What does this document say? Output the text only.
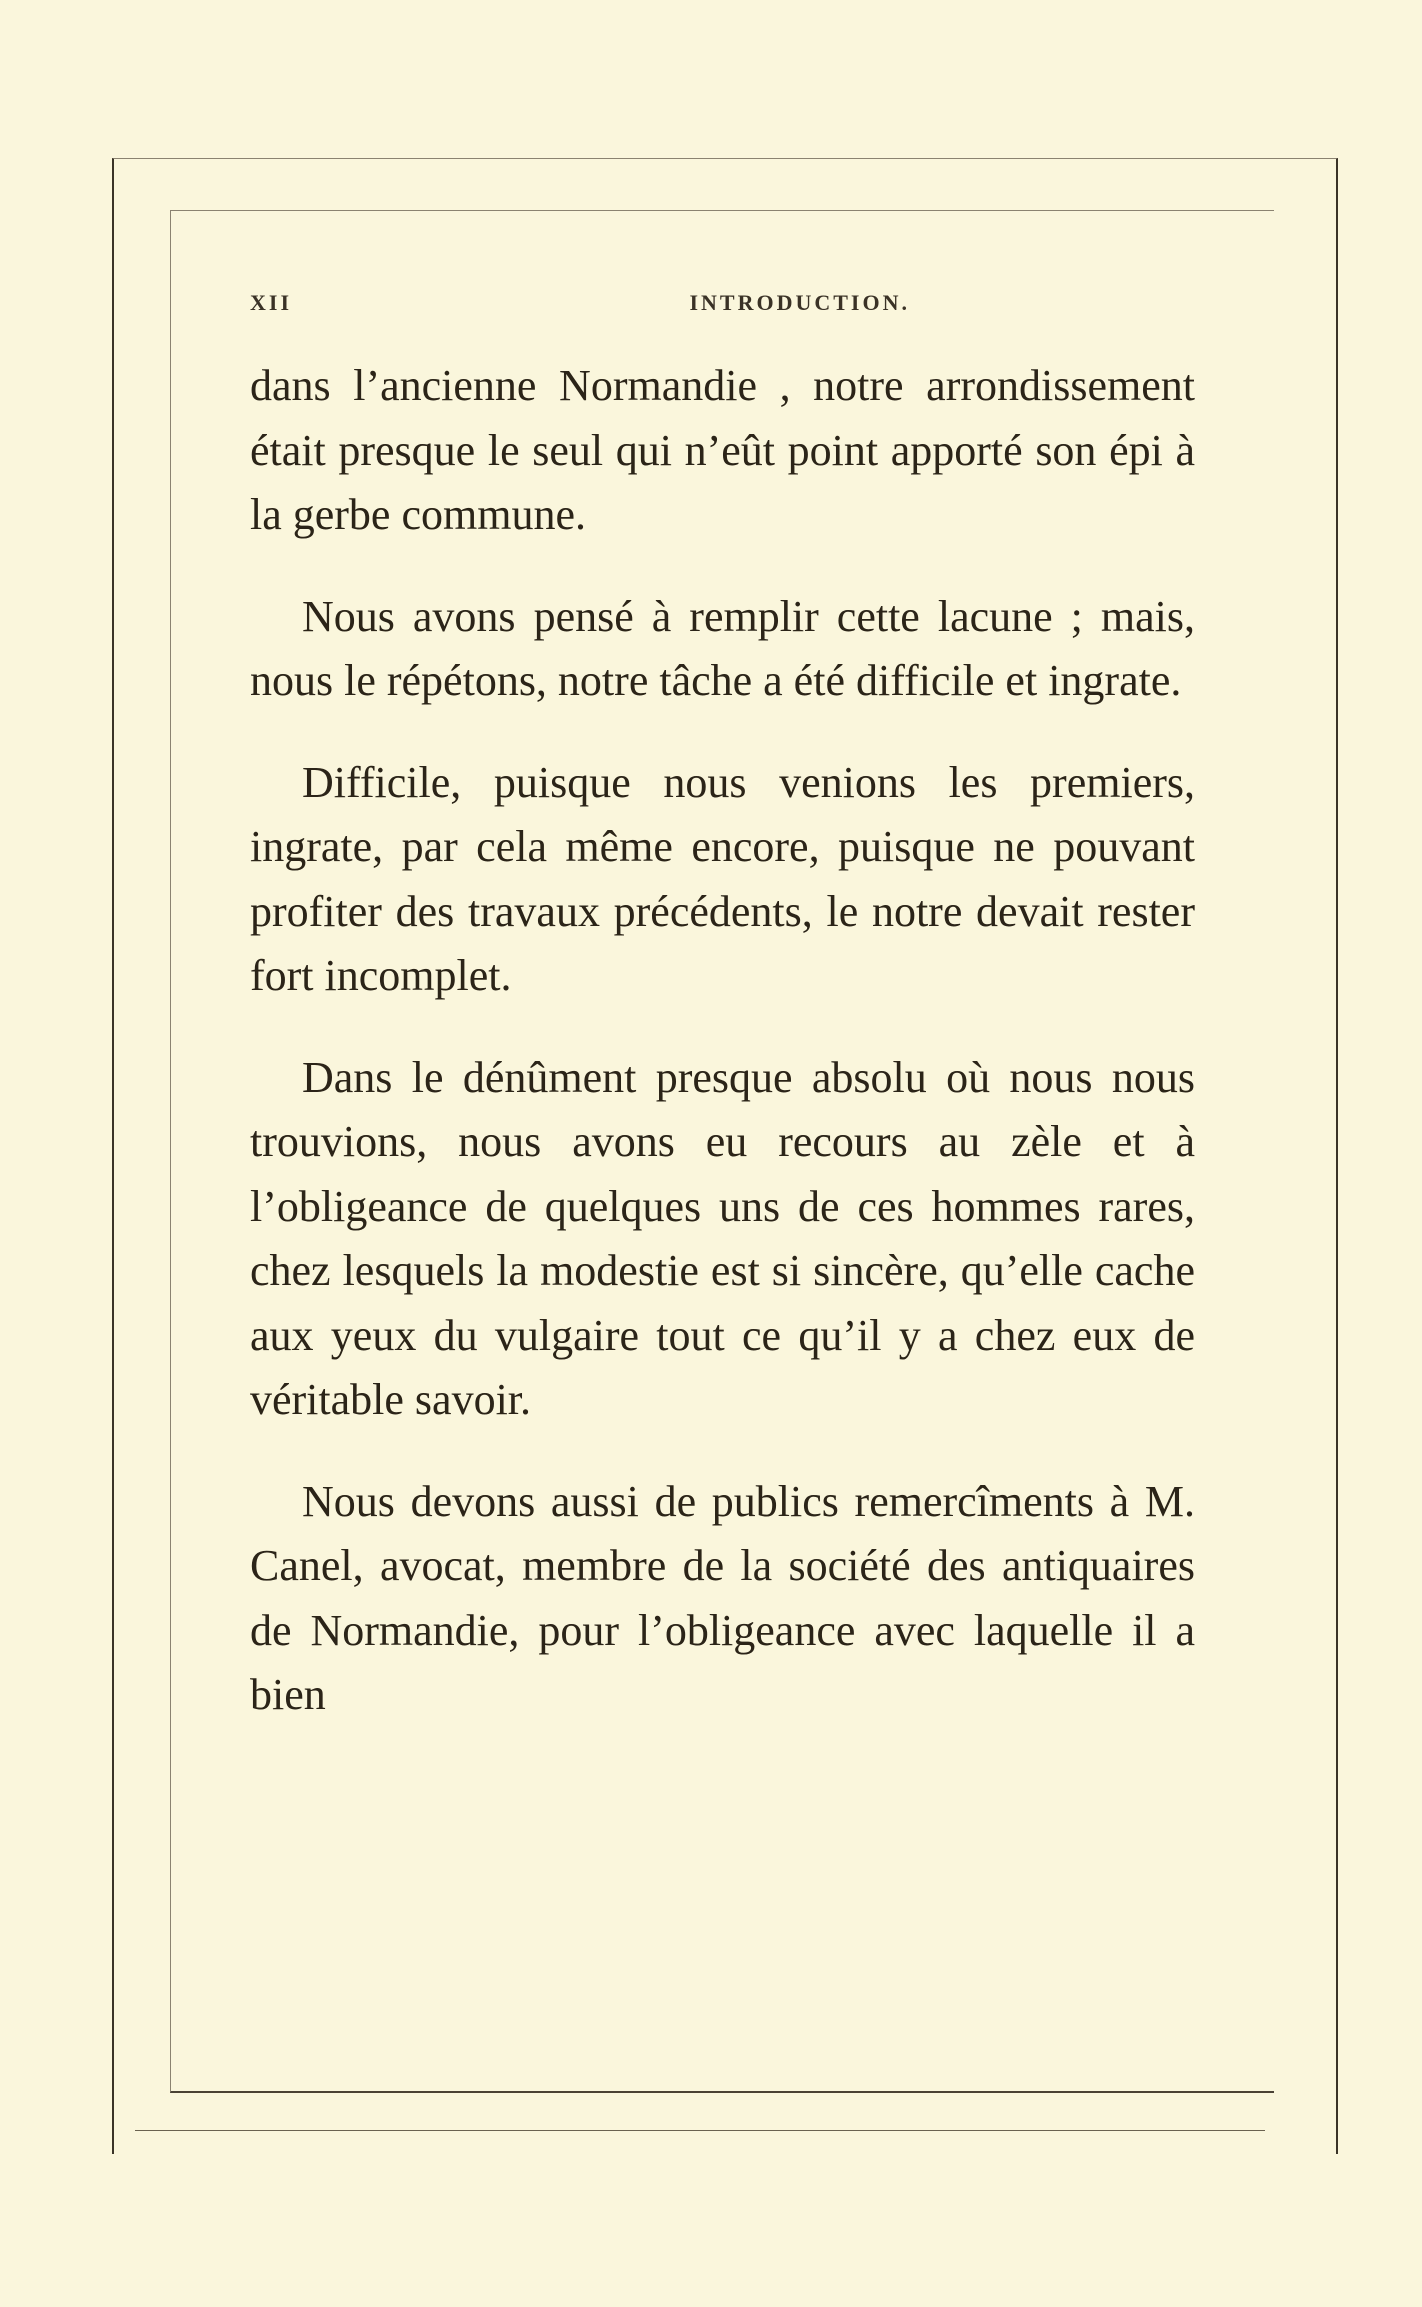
XII	INTRODUCTION.

dans l’ancienne Normandie , notre arrondissement était presque le seul qui n’eût point apporté son épi à la gerbe commune.

Nous avons pensé à remplir cette lacune ; mais, nous le répétons, notre tâche a été difficile et ingrate.

Difficile, puisque nous venions les premiers, ingrate, par cela même encore, puisque ne pouvant profiter des travaux précédents, le notre devait rester fort incomplet.

Dans le dénûment presque absolu où nous nous trouvions, nous avons eu recours au zèle et à l’obligeance de quelques uns de ces hommes rares, chez lesquels la modestie est si sincère, qu’elle cache aux yeux du vulgaire tout ce qu’il y a chez eux de véritable savoir.

Nous devons aussi de publics remercîments à M. Canel, avocat, membre de la société des antiquaires de Normandie, pour l’obligeance avec laquelle il a bien
